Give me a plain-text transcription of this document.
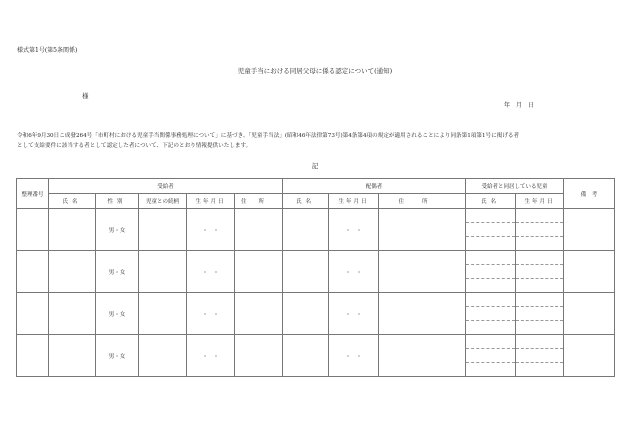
様式第1号(第5条関係)
児童手当における同居父母に係る認定について(通知)
様
年　月　日
令和6年9月30日こ成發264号「市町村における児童手当関係事務処理について」に基づき、「児童手当法」(昭和46年法律第73号)第4条第4項の規定が適用されることにより同条第1項第1号に掲げる者
として支給要件に該当する者として認定した者について、下記のとおり情報提供いたします。
記
整理番号	受給者					配偶者			受給者と同居している児童		備　考
	氏名	性別	児童との続柄	生年月日	住所	氏名	生年月日	住所	氏名	生年月日	
		男・女		・　・			・　・		

		男・女		・　・			・　・		

		男・女		・　・			・　・		

		男・女		・　・			・　・		
